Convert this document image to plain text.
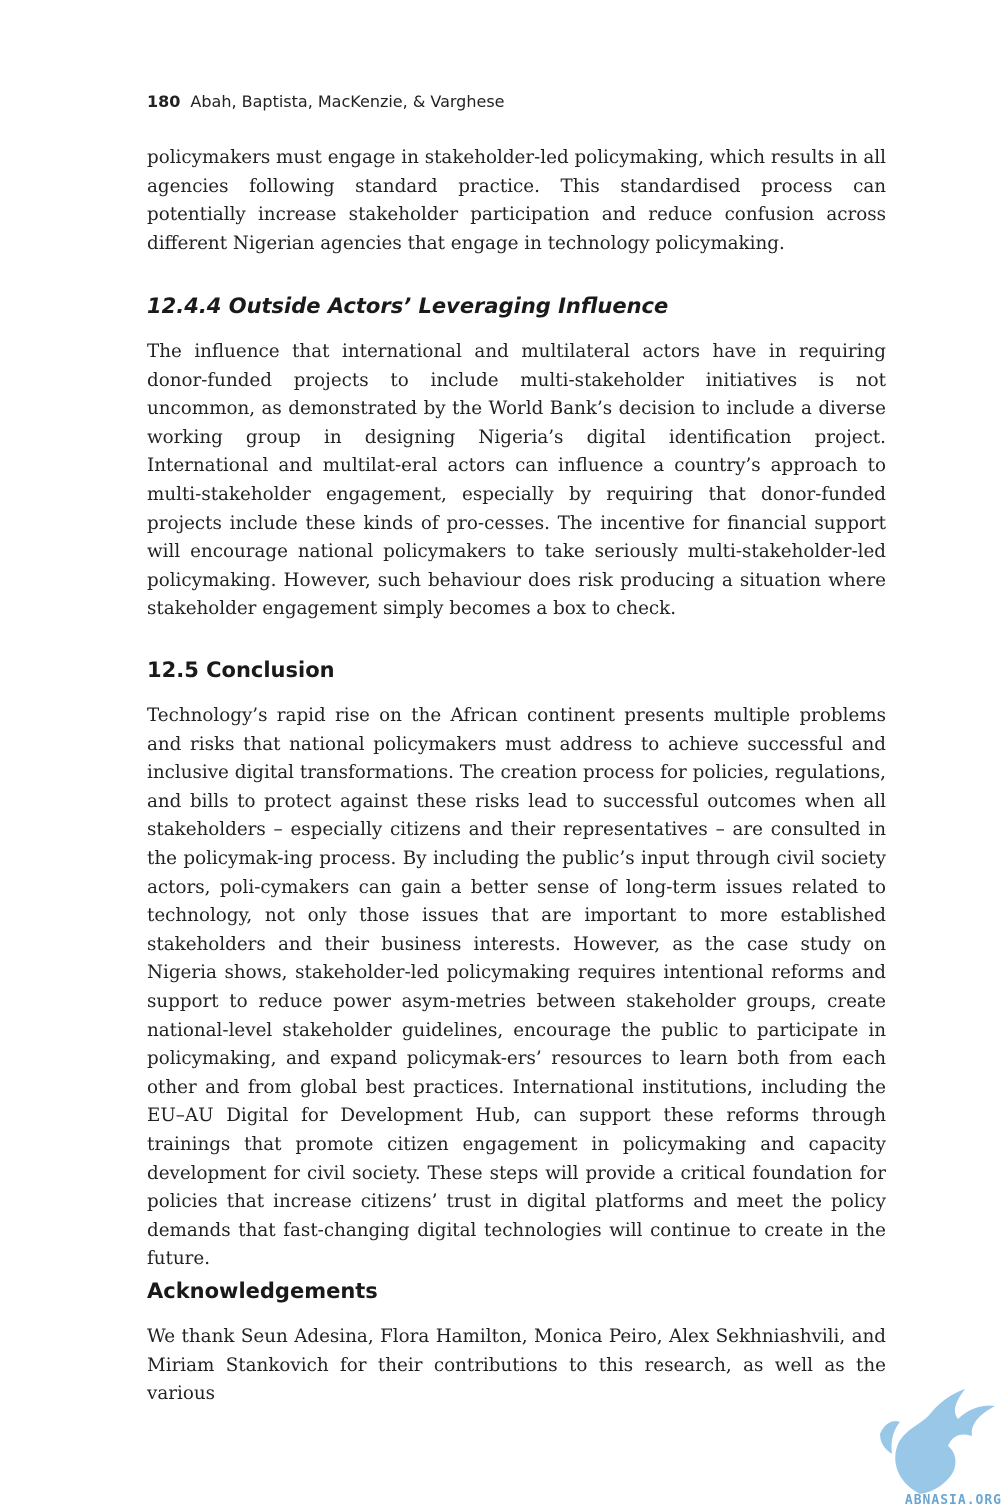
180 Abah, Baptista, MacKenzie, & Varghese

policymakers must engage in stakeholder-led policymaking, which results in all agencies following standard practice. This standardised process can potentially increase stakeholder participation and reduce confusion across different Nigerian agencies that engage in technology policymaking.

12.4.4 Outside Actors’ Leveraging Influence

The influence that international and multilateral actors have in requiring donor-funded projects to include multi-stakeholder initiatives is not uncommon, as demonstrated by the World Bank’s decision to include a diverse working group in designing Nigeria’s digital identification project. International and multilat-eral actors can influence a country’s approach to multi-stakeholder engagement, especially by requiring that donor-funded projects include these kinds of pro-cesses. The incentive for financial support will encourage national policymakers to take seriously multi-stakeholder-led policymaking. However, such behaviour does risk producing a situation where stakeholder engagement simply becomes a box to check.

12.5 Conclusion

Technology’s rapid rise on the African continent presents multiple problems and risks that national policymakers must address to achieve successful and inclusive digital transformations. The creation process for policies, regulations, and bills to protect against these risks lead to successful outcomes when all stakeholders – especially citizens and their representatives – are consulted in the policymak-ing process. By including the public’s input through civil society actors, poli-cymakers can gain a better sense of long-term issues related to technology, not only those issues that are important to more established stakeholders and their business interests. However, as the case study on Nigeria shows, stakeholder-led policymaking requires intentional reforms and support to reduce power asym-metries between stakeholder groups, create national-level stakeholder guidelines, encourage the public to participate in policymaking, and expand policymak-ers’ resources to learn both from each other and from global best practices. International institutions, including the EU–AU Digital for Development Hub, can support these reforms through trainings that promote citizen engagement in policymaking and capacity development for civil society. These steps will provide a critical foundation for policies that increase citizens’ trust in digital platforms and meet the policy demands that fast-changing digital technologies will continue to create in the future.

Acknowledgements

We thank Seun Adesina, Flora Hamilton, Monica Peiro, Alex Sekhniashvili, and Miriam Stankovich for their contributions to this research, as well as the various

ABNASIA.ORG
